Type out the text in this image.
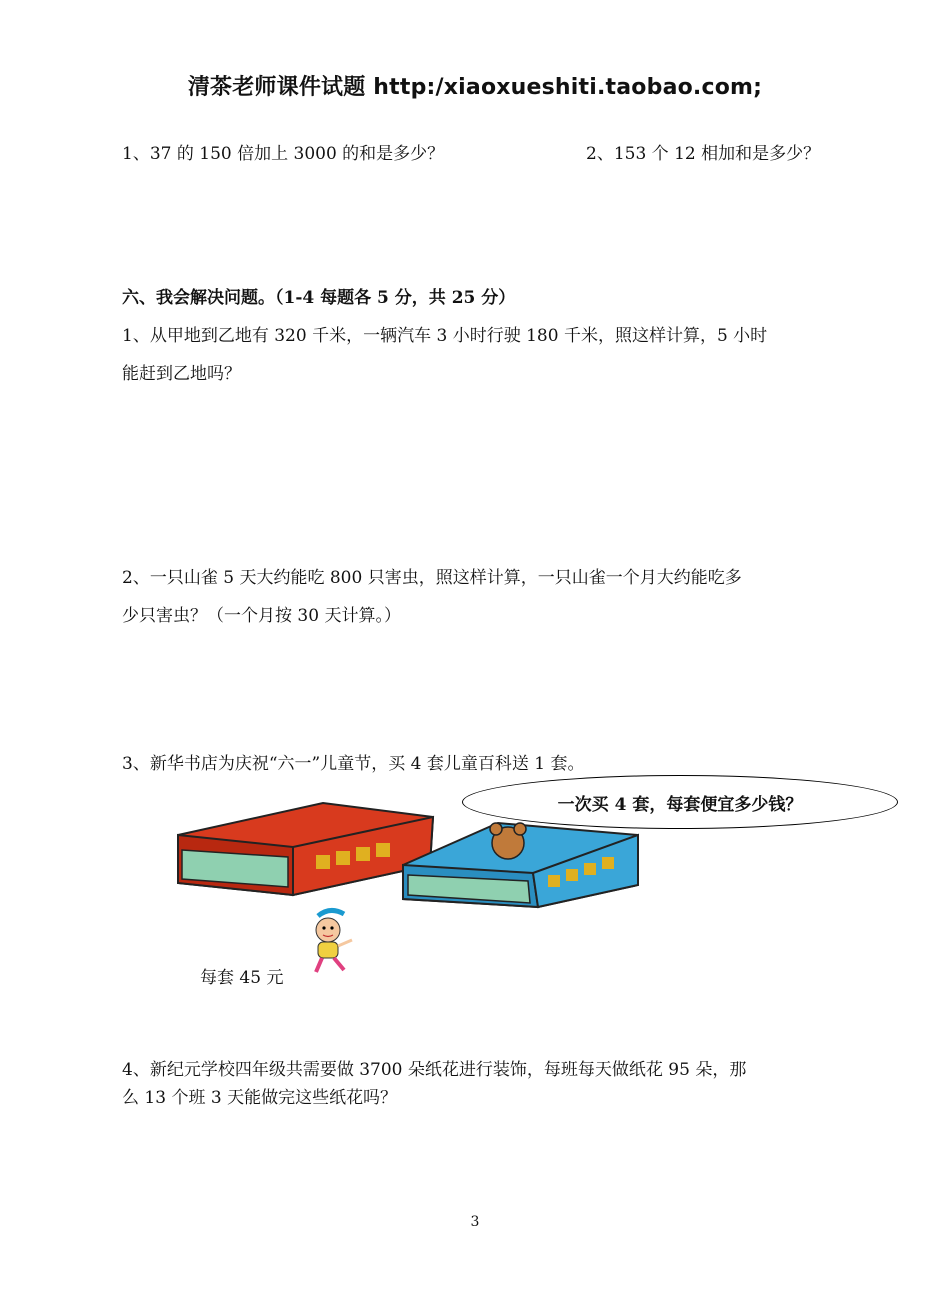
清茶老师课件试题 http:/xiaoxueshiti.taobao.com;
1、37 的 150 倍加上 3000 的和是多少？	2、153 个 12 相加和是多少？
六、我会解决问题。（1-4 每题各 5 分，共 25 分）
1、从甲地到乙地有 320 千米，一辆汽车 3 小时行驶 180 千米，照这样计算，5 小时
能赶到乙地吗？
2、一只山雀 5 天大约能吃 800 只害虫，照这样计算，一只山雀一个月大约能吃多
少只害虫？（一个月按 30 天计算。）
3、新华书店为庆祝“六一”儿童节，买 4 套儿童百科送 1 套。
一次买 4 套，每套便宜多少钱？
每套 45 元
4、新纪元学校四年级共需要做 3700 朵纸花进行装饰，每班每天做纸花 95 朵，那
么 13 个班 3 天能做完这些纸花吗？
3
